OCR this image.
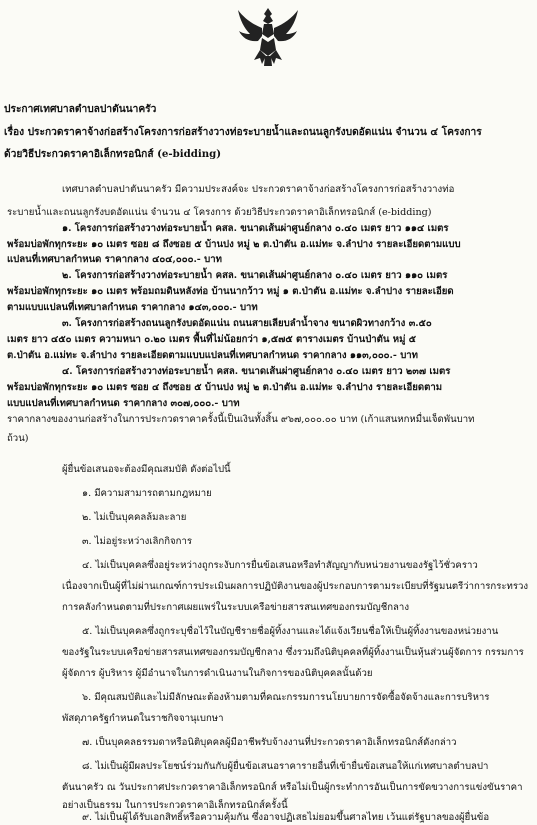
ประกาศเทศบาลตำบลปาตันนาครัว
เรื่อง ประกวดราคาจ้างก่อสร้างโครงการก่อสร้างวางท่อระบายน้ำและถนนลูกรังบดอัดแน่น จำนวน ๔ โครงการ
ด้วยวิธีประกวดราคาอิเล็กทรอนิกส์ (e-bidding)
เทศบาลตำบลปาตันนาครัว มีความประสงค์จะ ประกวดราคาจ้างก่อสร้างโครงการก่อสร้างวางท่อ
ระบายน้ำและถนนลูกรังบดอัดแน่น จำนวน ๔ โครงการ ด้วยวิธีประกวดราคาอิเล็กทรอนิกส์ (e-bidding)
๑. โครงการก่อสร้างวางท่อระบายน้ำ คสล. ขนาดเส้นผ่าศูนย์กลาง ๐.๔๐ เมตร ยาว ๑๑๔ เมตร
พร้อมบ่อพักทุกระยะ ๑๐ เมตร ซอย ๘ ถึงซอย ๕ บ้านปง หมู่ ๒ ต.ป่าตัน อ.แม่ทะ จ.ลำปาง รายละเอียดตามแบบ
แปลนที่เทศบาลกำหนด ราคากลาง ๔๐๔,๐๐๐.- บาท
๒. โครงการก่อสร้างวางท่อระบายน้ำ คสล. ขนาดเส้นผ่าศูนย์กลาง ๐.๔๐ เมตร ยาว ๑๑๐ เมตร
พร้อมบ่อพักทุกระยะ ๑๐ เมตร พร้อมถมดินหลังท่อ บ้านนากว้าว หมู่ ๑ ต.ป่าตัน อ.แม่ทะ จ.ลำปาง รายละเอียด
ตามแบบแปลนที่เทศบาลกำหนด ราคากลาง ๑๔๓,๐๐๐.- บาท
๓. โครงการก่อสร้างถนนลูกรังบดอัดแน่น ถนนสายเลียบลำน้ำจาง ขนาดผิวทางกว้าง ๓.๕๐
เมตร ยาว ๔๕๐ เมตร ความหนา ๐.๒๐ เมตร พื้นที่ไม่น้อยกว่า ๑,๕๗๕ ตารางเมตร บ้านป่าตัน หมู่ ๕
ต.ป่าตัน อ.แม่ทะ จ.ลำปาง รายละเอียดตามแบบแปลนที่เทศบาลกำหนด ราคากลาง ๑๑๓,๐๐๐.- บาท
๔. โครงการก่อสร้างวางท่อระบายน้ำ คสล. ขนาดเส้นผ่าศูนย์กลาง ๐.๔๐ เมตร ยาว ๒๓๗ เมตร
พร้อมบ่อพักทุกระยะ ๑๐ เมตร ซอย ๔ ถึงซอย ๕ บ้านปง หมู่ ๒ ต.ป่าตัน อ.แม่ทะ จ.ลำปาง รายละเอียดตาม
แบบแปลนที่เทศบาลกำหนด ราคากลาง ๓๐๗,๐๐๐.- บาท
ราคากลางของงานก่อสร้างในการประกวดราคาครั้งนี้เป็นเงินทั้งสิ้น ๙๖๗,๐๐๐.๐๐ บาท (เก้าแสนหกหมื่นเจ็ดพันบาท
ถ้วน)
ผู้ยื่นข้อเสนอจะต้องมีคุณสมบัติ ดังต่อไปนี้
๑. มีความสามารถตามกฎหมาย
๒. ไม่เป็นบุคคลล้มละลาย
๓. ไม่อยู่ระหว่างเลิกกิจการ
๔. ไม่เป็นบุคคลซึ่งอยู่ระหว่างถูกระงับการยื่นข้อเสนอหรือทำสัญญากับหน่วยงานของรัฐไว้ชั่วคราว
เนื่องจากเป็นผู้ที่ไม่ผ่านเกณฑ์การประเมินผลการปฏิบัติงานของผู้ประกอบการตามระเบียบที่รัฐมนตรีว่าการกระทรวง
การคลังกำหนดตามที่ประกาศเผยแพร่ในระบบเครือข่ายสารสนเทศของกรมบัญชีกลาง
๕. ไม่เป็นบุคคลซึ่งถูกระบุชื่อไว้ในบัญชีรายชื่อผู้ทิ้งงานและได้แจ้งเวียนชื่อให้เป็นผู้ทิ้งงานของหน่วยงาน
ของรัฐในระบบเครือข่ายสารสนเทศของกรมบัญชีกลาง ซึ่งรวมถึงนิติบุคคลที่ผู้ทิ้งงานเป็นหุ้นส่วนผู้จัดการ กรรมการ
ผู้จัดการ ผู้บริหาร ผู้มีอำนาจในการดำเนินงานในกิจการของนิติบุคคลนั้นด้วย
๖. มีคุณสมบัติและไม่มีลักษณะต้องห้ามตามที่คณะกรรมการนโยบายการจัดซื้อจัดจ้างและการบริหาร
พัสดุภาครัฐกำหนดในราชกิจจานุเบกษา
๗. เป็นบุคคลธรรมดาหรือนิติบุคคลผู้มีอาชีพรับจ้างงานที่ประกวดราคาอิเล็กทรอนิกส์ดังกล่าว
๘. ไม่เป็นผู้มีผลประโยชน์ร่วมกันกับผู้ยื่นข้อเสนอราคารายอื่นที่เข้ายื่นข้อเสนอให้แก่เทศบาลตำบลปา
ตันนาครัว ณ วันประกาศประกวดราคาอิเล็กทรอนิกส์ หรือไม่เป็นผู้กระทำการอันเป็นการขัดขวางการแข่งขันราคา
อย่างเป็นธรรม ในการประกวดราคาอิเล็กทรอนิกส์ครั้งนี้
๙. ไม่เป็นผู้ได้รับเอกสิทธิ์หรือความคุ้มกัน ซึ่งอาจปฏิเสธไม่ยอมขึ้นศาลไทย เว้นแต่รัฐบาลของผู้ยื่นข้อ
